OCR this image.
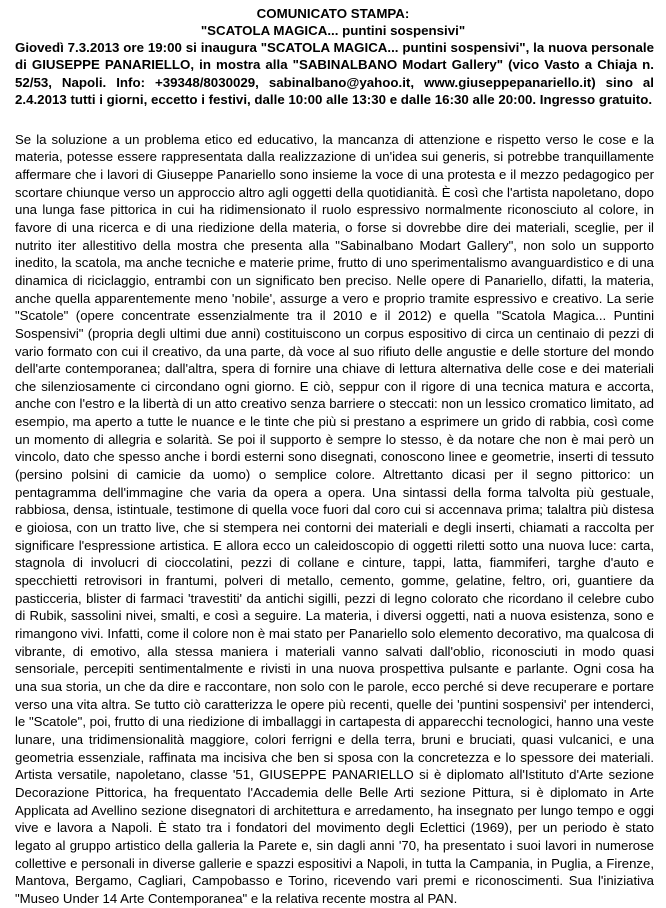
COMUNICATO STAMPA:
"SCATOLA MAGICA... puntini sospensivi"

Giovedì 7.3.2013 ore 19:00 si inaugura "SCATOLA MAGICA... puntini sospensivi", la nuova personale di GIUSEPPE PANARIELLO, in mostra alla "SABINALBANO Modart Gallery" (vico Vasto a Chiaja n. 52/53, Napoli. Info: +39348/8030029, sabinalbano@yahoo.it, www.giuseppepanariello.it) sino al 2.4.2013 tutti i giorni, eccetto i festivi, dalle 10:00 alle 13:30 e dalle 16:30 alle 20:00. Ingresso gratuito.

Se la soluzione a un problema etico ed educativo, la mancanza di attenzione e rispetto verso le cose e la materia, potesse essere rappresentata dalla realizzazione di un'idea sui generis, si potrebbe tranquillamente affermare che i lavori di Giuseppe Panariello sono insieme la voce di una protesta e il mezzo pedagogico per scortare chiunque verso un approccio altro agli oggetti della quotidianità. È così che l'artista napoletano, dopo una lunga fase pittorica in cui ha ridimensionato il ruolo espressivo normalmente riconosciuto al colore, in favore di una ricerca e di una riedizione della materia, o forse si dovrebbe dire dei materiali, sceglie, per il nutrito iter allestitivo della mostra che presenta alla "Sabinalbano Modart Gallery", non solo un supporto inedito, la scatola, ma anche tecniche e materie prime, frutto di uno sperimentalismo avanguardistico e di una dinamica di riciclaggio, entrambi con un significato ben preciso. Nelle opere di Panariello, difatti, la materia, anche quella apparentemente meno 'nobile', assurge a vero e proprio tramite espressivo e creativo. La serie "Scatole" (opere concentrate essenzialmente tra il 2010 e il 2012) e quella "Scatola Magica... Puntini Sospensivi" (propria degli ultimi due anni) costituiscono un corpus espositivo di circa un centinaio di pezzi di vario formato con cui il creativo, da una parte, dà voce al suo rifiuto delle angustie e delle storture del mondo dell'arte contemporanea; dall'altra, spera di fornire una chiave di lettura alternativa delle cose e dei materiali che silenziosamente ci circondano ogni giorno. E ciò, seppur con il rigore di una tecnica matura e accorta, anche con l'estro e la libertà di un atto creativo senza barriere o steccati: non un lessico cromatico limitato, ad esempio, ma aperto a tutte le nuance e le tinte che più si prestano a esprimere un grido di rabbia, così come un momento di allegria e solarità. Se poi il supporto è sempre lo stesso, è da notare che non è mai però un vincolo, dato che spesso anche i bordi esterni sono disegnati, conoscono linee e geometrie, inserti di tessuto (persino polsini di camicie da uomo) o semplice colore. Altrettanto dicasi per il segno pittorico: un pentagramma dell'immagine che varia da opera a opera. Una sintassi della forma talvolta più gestuale, rabbiosa, densa, istintuale, testimone di quella voce fuori dal coro cui si accennava prima; talaltra più distesa e gioiosa, con un tratto live, che si stempera nei contorni dei materiali e degli inserti, chiamati a raccolta per significare l'espressione artistica. E allora ecco un caleidoscopio di oggetti riletti sotto una nuova luce: carta, stagnola di involucri di cioccolatini, pezzi di collane e cinture, tappi, latta, fiammiferi, targhe d'auto e specchietti retrovisori in frantumi, polveri di metallo, cemento, gomme, gelatine, feltro, ori, guantiere da pasticceria, blister di farmaci 'travestiti' da antichi sigilli, pezzi di legno colorato che ricordano il celebre cubo di Rubik, sassolini nivei, smalti, e così a seguire. La materia, i diversi oggetti, nati a nuova esistenza, sono e rimangono vivi. Infatti, come il colore non è mai stato per Panariello solo elemento decorativo, ma qualcosa di vibrante, di emotivo, alla stessa maniera i materiali vanno salvati dall'oblio, riconosciuti in modo quasi sensoriale, percepiti sentimentalmente e rivisti in una nuova prospettiva pulsante e parlante. Ogni cosa ha una sua storia, un che da dire e raccontare, non solo con le parole, ecco perché si deve recuperare e portare verso una vita altra. Se tutto ciò caratterizza le opere più recenti, quelle dei 'puntini sospensivi' per intenderci, le "Scatole", poi, frutto di una riedizione di imballaggi in cartapesta di apparecchi tecnologici, hanno una veste lunare, una tridimensionalità maggiore, colori ferrigni e della terra, bruni e bruciati, quasi vulcanici, e una geometria essenziale, raffinata ma incisiva che ben si sposa con la concretezza e lo spessore dei materiali. Artista versatile, napoletano, classe '51, GIUSEPPE PANARIELLO si è diplomato all'Istituto d'Arte sezione Decorazione Pittorica, ha frequentato l'Accademia delle Belle Arti sezione Pittura, si è diplomato in Arte Applicata ad Avellino sezione disegnatori di architettura e arredamento, ha insegnato per lungo tempo e oggi vive e lavora a Napoli. È stato tra i fondatori del movimento degli Eclettici (1969), per un periodo è stato legato al gruppo artistico della galleria la Parete e, sin dagli anni '70, ha presentato i suoi lavori in numerose collettive e personali in diverse gallerie e spazzi espositivi a Napoli, in tutta la Campania, in Puglia, a Firenze, Mantova, Bergamo, Cagliari, Campobasso e Torino, ricevendo vari premi e riconoscimenti. Sua l'iniziativa "Museo Under 14 Arte Contemporanea" e la relativa recente mostra al PAN.
